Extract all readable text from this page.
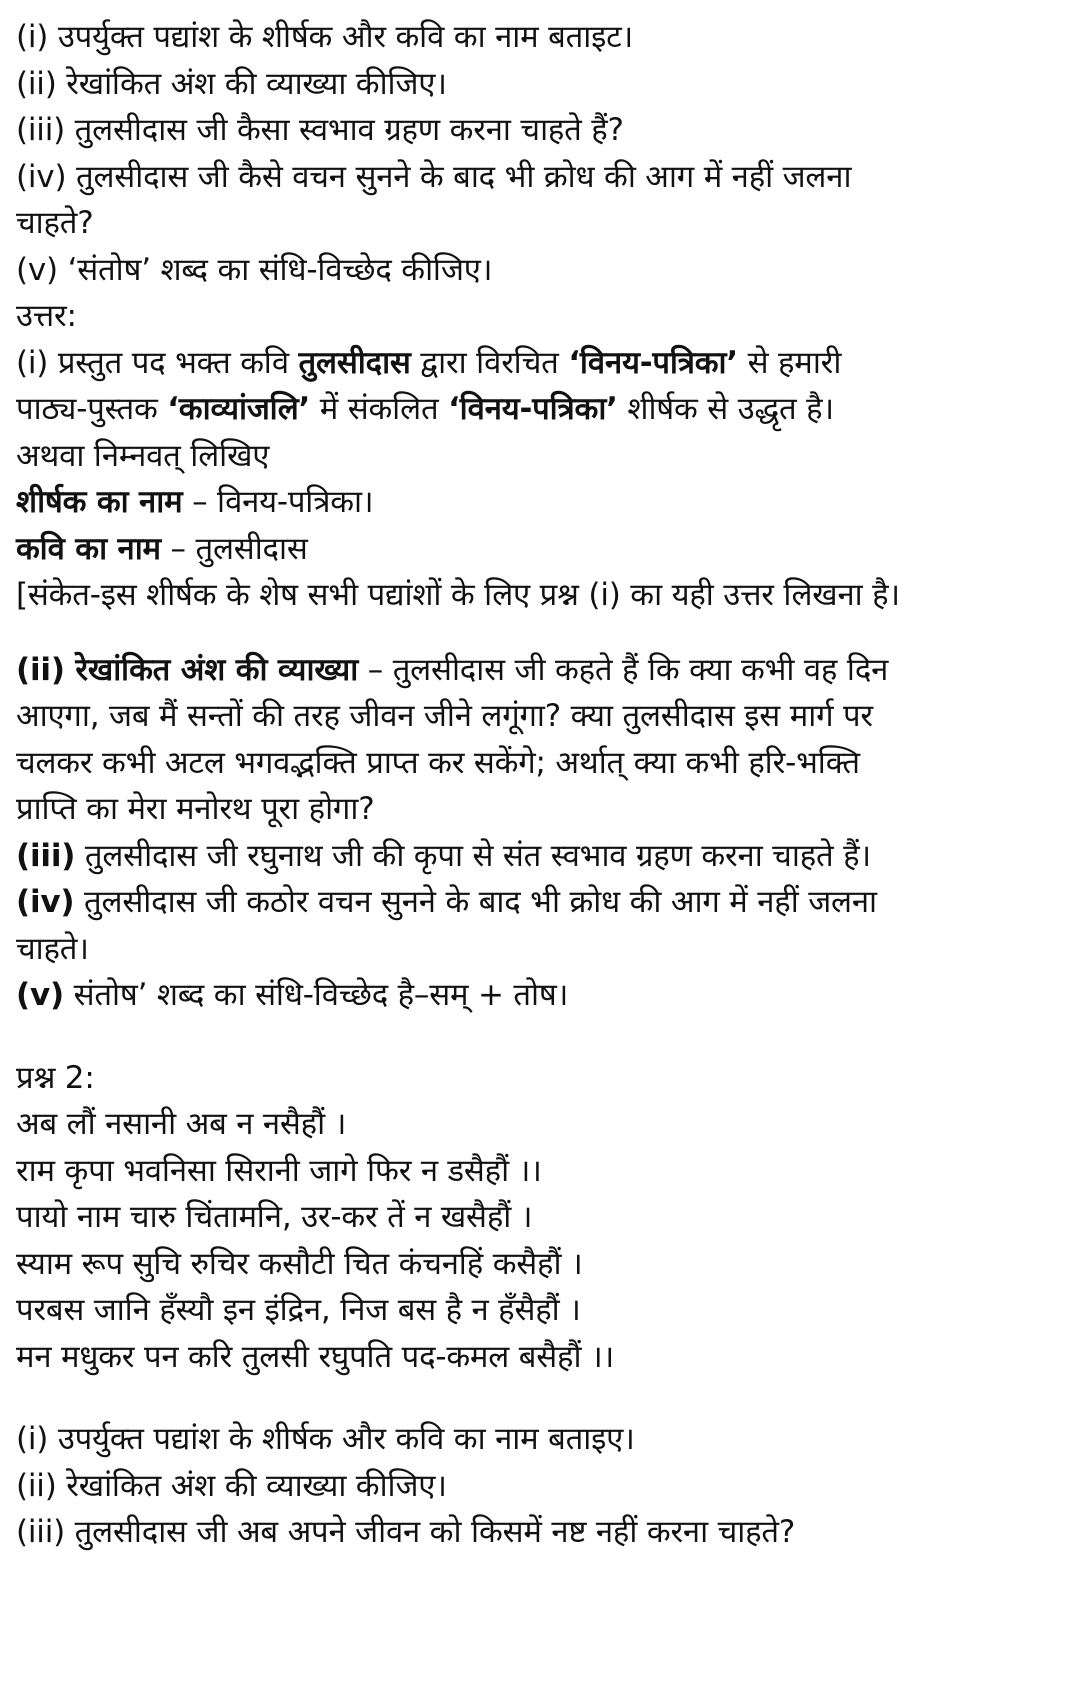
(i) उपर्युक्त पद्यांश के शीर्षक और कवि का नाम बताइट।
(ii) रेखांकित अंश की व्याख्या कीजिए।
(iii) तुलसीदास जी कैसा स्वभाव ग्रहण करना चाहते हैं?
(iv) तुलसीदास जी कैसे वचन सुनने के बाद भी क्रोध की आग में नहीं जलना
चाहते?
(v) ‘संतोष’ शब्द का संधि-विच्छेद कीजिए।
उत्तर:
(i) प्रस्तुत पद भक्त कवि तुलसीदास द्वारा विरचित ‘विनय-पत्रिका’ से हमारी
पाठ्य-पुस्तक ‘काव्यांजलि’ में संकलित ‘विनय-पत्रिका’ शीर्षक से उद्धृत है।
अथवा निम्नवत् लिखिए
शीर्षक का नाम – विनय-पत्रिका।
कवि का नाम – तुलसीदास
[संकेत-इस शीर्षक के शेष सभी पद्यांशों के लिए प्रश्न (i) का यही उत्तर लिखना है।
(ii) रेखांकित अंश की व्याख्या – तुलसीदास जी कहते हैं कि क्या कभी वह दिन
आएगा, जब मैं सन्तों की तरह जीवन जीने लगूंगा? क्या तुलसीदास इस मार्ग पर
चलकर कभी अटल भगवद्भक्ति प्राप्त कर सकेंगे; अर्थात् क्या कभी हरि-भक्ति
प्राप्ति का मेरा मनोरथ पूरा होगा?
(iii) तुलसीदास जी रघुनाथ जी की कृपा से संत स्वभाव ग्रहण करना चाहते हैं।
(iv) तुलसीदास जी कठोर वचन सुनने के बाद भी क्रोध की आग में नहीं जलना
चाहते।
(v) संतोष’ शब्द का संधि-विच्छेद है–सम् + तोष।
प्रश्न 2:
अब लौं नसानी अब न नसैहौं ।
राम कृपा भवनिसा सिरानी जागे फिर न डसैहौं ।।
पायो नाम चारु चिंतामनि, उर-कर तें न खसैहौं ।
स्याम रूप सुचि रुचिर कसौटी चित कंचनहिं कसैहौं ।
परबस जानि हँस्यौ इन इंद्रिन, निज बस है न हँसैहौं ।
मन मधुकर पन करि तुलसी रघुपति पद-कमल बसैहौं ।।
(i) उपर्युक्त पद्यांश के शीर्षक और कवि का नाम बताइए।
(ii) रेखांकित अंश की व्याख्या कीजिए।
(iii) तुलसीदास जी अब अपने जीवन को किसमें नष्ट नहीं करना चाहते?
